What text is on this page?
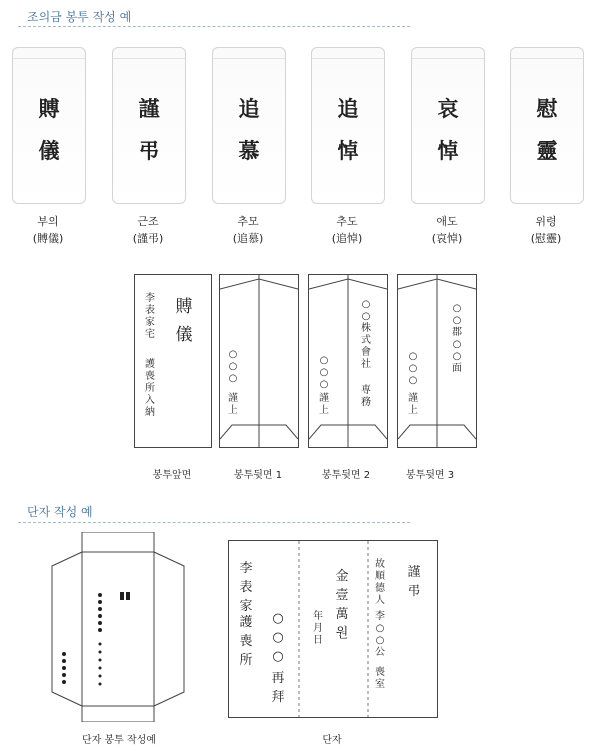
조의금 봉투 작성 예
賻儀
謹弔
追慕
追悼
哀悼
慰靈
부의
(賻儀)
근조
(謹弔)
추모
(追慕)
추도
(追悼)
애도
(哀悼)
위령
(慰靈)
賻儀
李表家宅
護喪所入納
봉투앞면
○○○
謹上
봉투뒷면 1
○○株式會社
専務
○○○
謹上
봉투뒷면 2
○○郡○○面
○○○
謹上
봉투뒷면 3
단자 작성 예
단자 봉투 작성예
李表家
護喪所
○○○
再拜
年月日
金壹萬원
故順德人
李○○公
喪室
謹弔
단자
